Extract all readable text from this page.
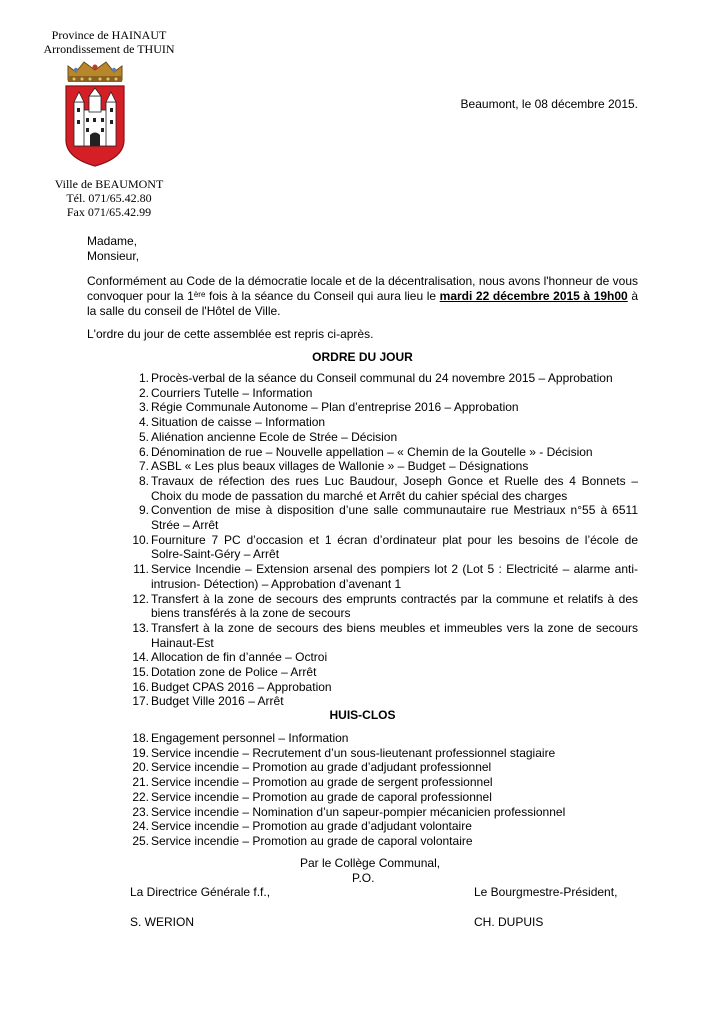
Province de HAINAUT
Arrondissement de THUIN
Ville de BEAUMONT
Tél. 071/65.42.80
Fax 071/65.42.99
Beaumont, le 08 décembre 2015.
Madame,
Monsieur,
Conformément au Code de la démocratie locale et de la décentralisation, nous avons l'honneur de vous convoquer pour la 1ère fois à la séance du Conseil qui aura lieu le mardi 22 décembre 2015 à 19h00 à la salle du conseil de l'Hôtel de Ville.
L'ordre du jour de cette assemblée est repris ci-après.
ORDRE DU JOUR
1. Procès-verbal de la séance du Conseil communal du 24 novembre 2015 – Approbation
2. Courriers Tutelle – Information
3. Régie Communale Autonome – Plan d’entreprise 2016 – Approbation
4. Situation de caisse – Information
5. Aliénation ancienne Ecole de Strée – Décision
6. Dénomination de rue – Nouvelle appellation – « Chemin de la Goutelle » - Décision
7. ASBL « Les plus beaux villages de Wallonie » – Budget – Désignations
8. Travaux de réfection des rues Luc Baudour, Joseph Gonce et Ruelle des 4 Bonnets – Choix du mode de passation du marché et Arrêt du cahier spécial des charges
9. Convention de mise à disposition d’une salle communautaire rue Mestriaux n°55 à 6511 Strée – Arrêt
10. Fourniture 7 PC d’occasion et 1 écran d’ordinateur plat pour les besoins de l’école de Solre-Saint-Géry – Arrêt
11. Service Incendie – Extension arsenal des pompiers lot 2 (Lot 5 : Electricité – alarme anti-intrusion- Détection) – Approbation d’avenant 1
12. Transfert à la zone de secours des emprunts contractés par la commune et relatifs à des biens transférés à la zone de secours
13. Transfert à la zone de secours des biens meubles et immeubles vers la zone de secours Hainaut-Est
14. Allocation de fin d’année – Octroi
15. Dotation zone de Police – Arrêt
16. Budget CPAS 2016 – Approbation
17. Budget Ville 2016 – Arrêt
HUIS-CLOS
18. Engagement personnel – Information
19. Service incendie – Recrutement d’un sous-lieutenant professionnel stagiaire
20. Service incendie – Promotion au grade d’adjudant professionnel
21. Service incendie – Promotion au grade de sergent professionnel
22. Service incendie – Promotion au grade de caporal professionnel
23. Service incendie – Nomination d’un sapeur-pompier mécanicien professionnel
24. Service incendie – Promotion au grade d’adjudant volontaire
25. Service incendie – Promotion au grade de caporal volontaire
Par le Collège Communal,
P.O.
La Directrice Générale f.f.,	Le Bourgmestre-Président,
S. WERION	CH. DUPUIS
